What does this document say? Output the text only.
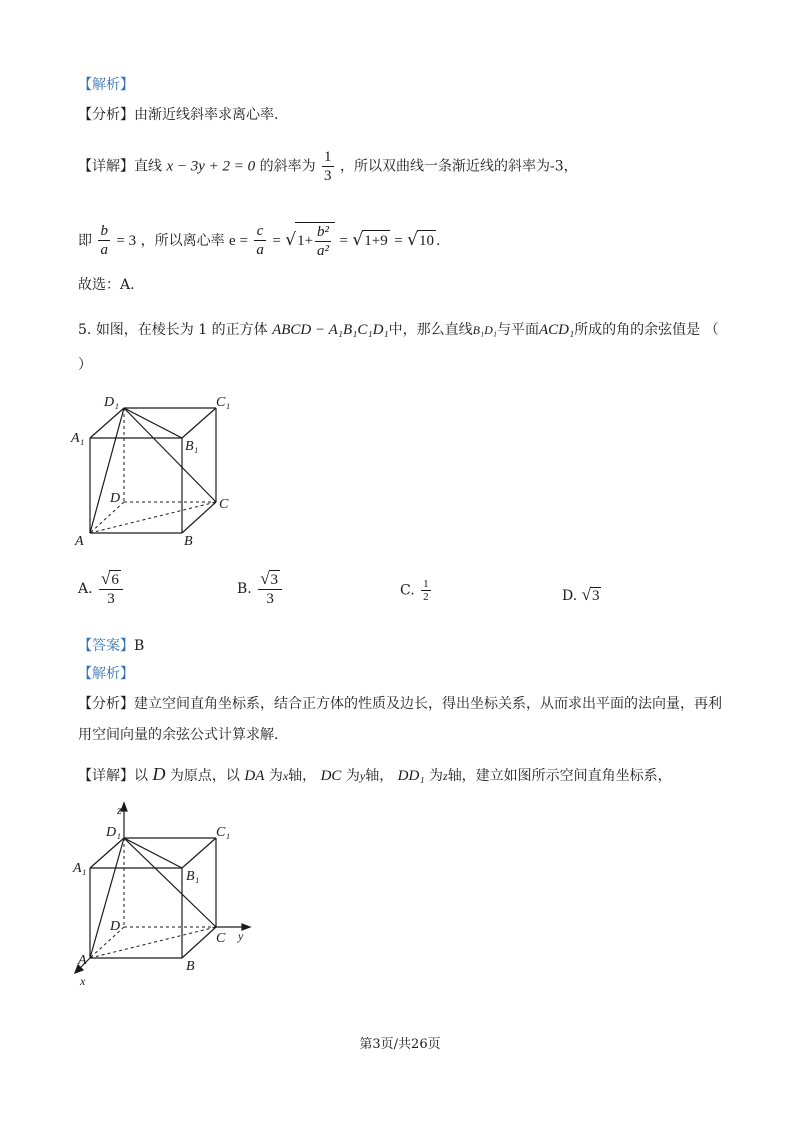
【解析】
【分析】由渐近线斜率求离心率.
【详解】直线 x − 3y + 2 = 0 的斜率为 $\frac{1}{3}$ ，所以双曲线一条渐近线的斜率为-3，
即 $\frac{b}{a} = 3$ ，所以离心率 $e = \frac{c}{a} = √1+ \frac{\text{b²}}{\text{a²}} = √1+9 = √10$ .
故选：A.
5. 如图，在棱长为 1 的正方体 ABCD − A₁B₁C₁D₁中，那么直线B₁D₁与平面ACD₁所成的角的余弦值是 （
）
A	B
C
D
A₁
B₁
C₁
D₁
A. $\frac{√6}{3}$	B. $\frac{√3}{3}$	C. $\frac{1}{2}$	D. √3
【答案】B
【解析】
【分析】建立空间直角坐标系，结合正方体的性质及边长，得出坐标关系，从而求出平面的法向量，再利
用空间向量的余弦公式计算求解.
【详解】以 D 为原点，以 DA 为x轴， DC 为y轴， DD₁ 为z轴，建立如图所示空间直角坐标系，
z
y
x
A	B
C
D
A₁
B₁
C₁
D₁
第3页/共26页
